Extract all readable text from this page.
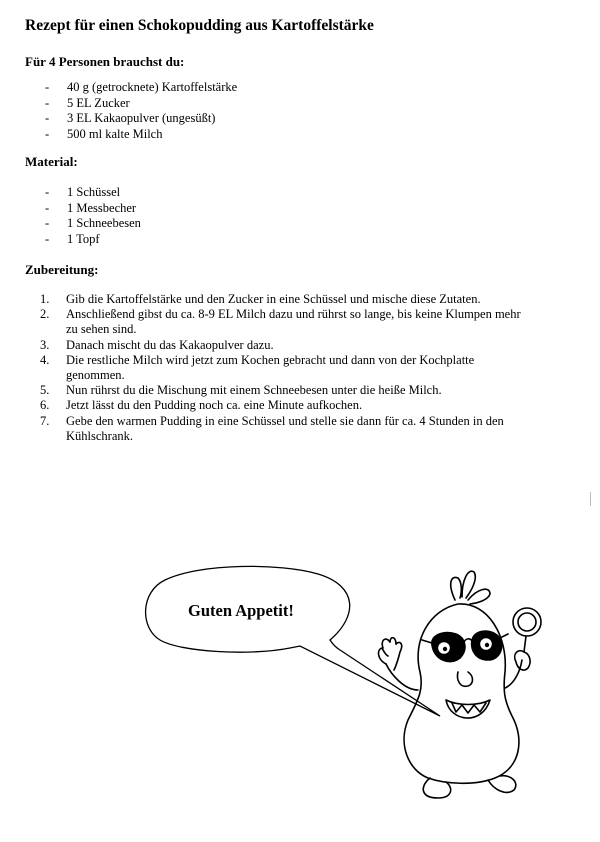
Rezept für einen Schokopudding aus Kartoffelstärke
Für 4 Personen brauchst du:
- 40 g (getrocknete) Kartoffelstärke
- 5 EL Zucker
- 3 EL Kakaopulver (ungesüßt)
- 500 ml kalte Milch
Material:
- 1 Schüssel
- 1 Messbecher
- 1 Schneebesen
- 1 Topf
Zubereitung:
1. Gib die Kartoffelstärke und den Zucker in eine Schüssel und mische diese Zutaten.
2. Anschließend gibst du ca. 8-9 EL Milch dazu und rührst so lange, bis keine Klumpen mehr zu sehen sind.
3. Danach mischt du das Kakaopulver dazu.
4. Die restliche Milch wird jetzt zum Kochen gebracht und dann von der Kochplatte genommen.
5. Nun rührst du die Mischung mit einem Schneebesen unter die heiße Milch.
6. Jetzt lässt du den Pudding noch ca. eine Minute aufkochen.
7. Gebe den warmen Pudding in eine Schüssel und stelle sie dann für ca. 4 Stunden in den Kühlschrank.
Guten Appetit!
